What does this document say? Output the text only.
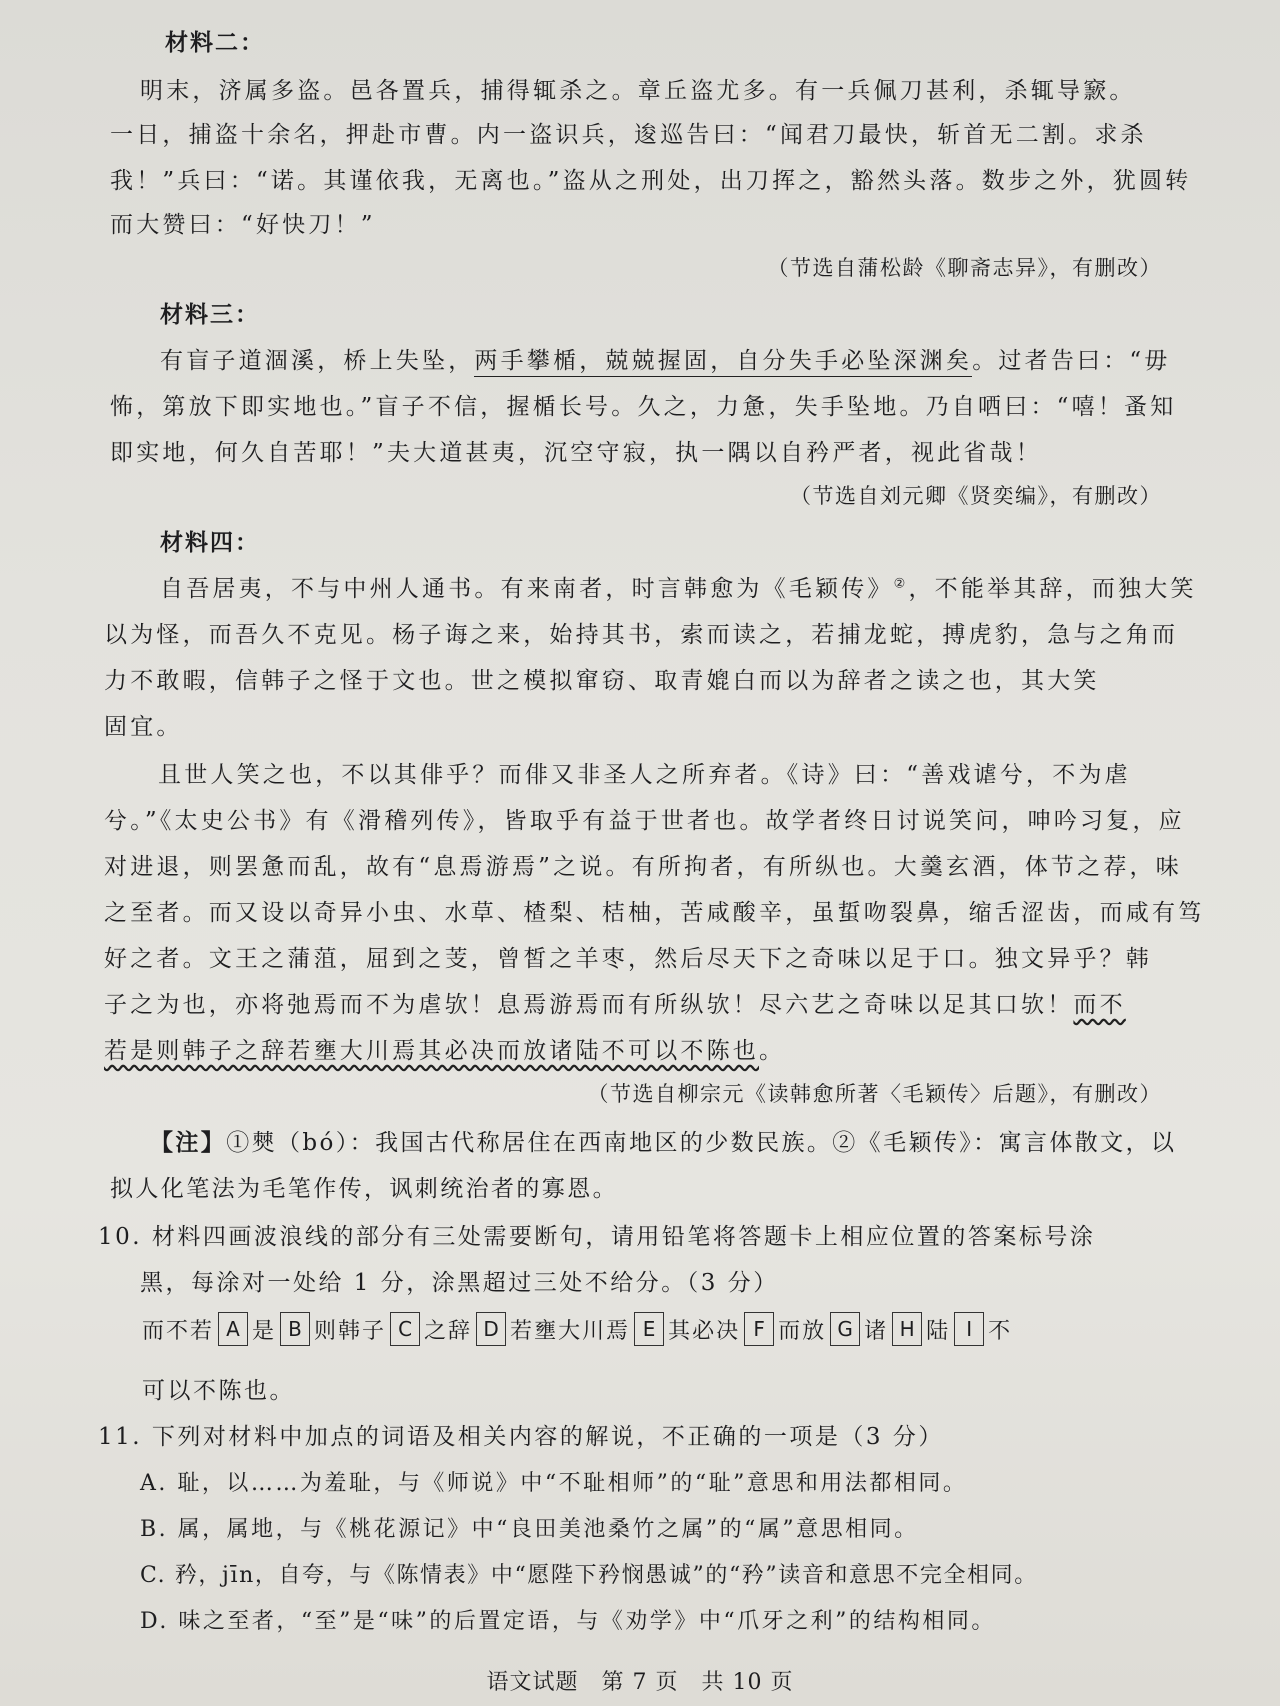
材料二：
明末，济属多盗。邑各置兵，捕得辄杀之。章丘盗尤多。有一兵佩刀甚利，杀辄导窾。
一日，捕盗十余名，押赴市曹。内一盗识兵，逡巡告曰：“闻君刀最快，斩首无二割。求杀
我！”兵曰：“诺。其谨依我，无离也。”盗从之刑处，出刀挥之，豁然头落。数步之外，犹圆转
而大赞曰：“好快刀！”
（节选自蒲松龄《聊斋志异》，有删改）
材料三：
有盲子道涸溪，桥上失坠，两手攀楯，兢兢握固，自分失手必坠深渊矣。过者告曰：“毋
怖，第放下即实地也。”盲子不信，握楯长号。久之，力惫，失手坠地。乃自哂曰：“嘻！蚤知
即实地，何久自苦耶！”夫大道甚夷，沉空守寂，执一隅以自矜严者，视此省哉！
（节选自刘元卿《贤奕编》，有删改）
材料四：
自吾居夷，不与中州人通书。有来南者，时言韩愈为《毛颖传》②，不能举其辞，而独大笑
以为怪，而吾久不克见。杨子诲之来，始持其书，索而读之，若捕龙蛇，搏虎豹，急与之角而
力不敢暇，信韩子之怪于文也。世之模拟窜窃、取青媲白而以为辞者之读之也，其大笑
固宜。
且世人笑之也，不以其俳乎？而俳又非圣人之所弃者。《诗》曰：“善戏谑兮，不为虐
兮。”《太史公书》有《滑稽列传》，皆取乎有益于世者也。故学者终日讨说笑问，呻吟习复，应
对进退，则罢惫而乱，故有“息焉游焉”之说。有所拘者，有所纵也。大羹玄酒，体节之荐，味
之至者。而又设以奇异小虫、水草、楂梨、桔柚，苦咸酸辛，虽蜇吻裂鼻，缩舌涩齿，而咸有笃
好之者。文王之蒲菹，屈到之芰，曾皙之羊枣，然后尽天下之奇味以足于口。独文异乎？韩
子之为也，亦将弛焉而不为虐欤！息焉游焉而有所纵欤！尽六艺之奇味以足其口欤！而不
若是则韩子之辞若壅大川焉其必决而放诸陆不可以不陈也。
（节选自柳宗元《读韩愈所著〈毛颖传〉后题》，有删改）
【注】①僰（bó）：我国古代称居住在西南地区的少数民族。②《毛颖传》：寓言体散文，以
拟人化笔法为毛笔作传，讽刺统治者的寡恩。
10. 材料四画波浪线的部分有三处需要断句，请用铅笔将答题卡上相应位置的答案标号涂
黑，每涂对一处给 1 分，涂黑超过三处不给分。（3 分）
而不若 A 是 B 则韩子 C 之辞 D 若壅大川焉 E 其必决 F 而放 G 诸 H 陆 I 不
可以不陈也。
11. 下列对材料中加点的词语及相关内容的解说，不正确的一项是（3 分）
A. 耻，以……为羞耻，与《师说》中“不耻相师”的“耻”意思和用法都相同。
B. 属，属地，与《桃花源记》中“良田美池桑竹之属”的“属”意思相同。
C. 矜，jīn，自夸，与《陈情表》中“愿陛下矜悯愚诚”的“矜”读音和意思不完全相同。
D. 味之至者，“至”是“味”的后置定语，与《劝学》中“爪牙之利”的结构相同。
语文试题　第 7 页　共 10 页
